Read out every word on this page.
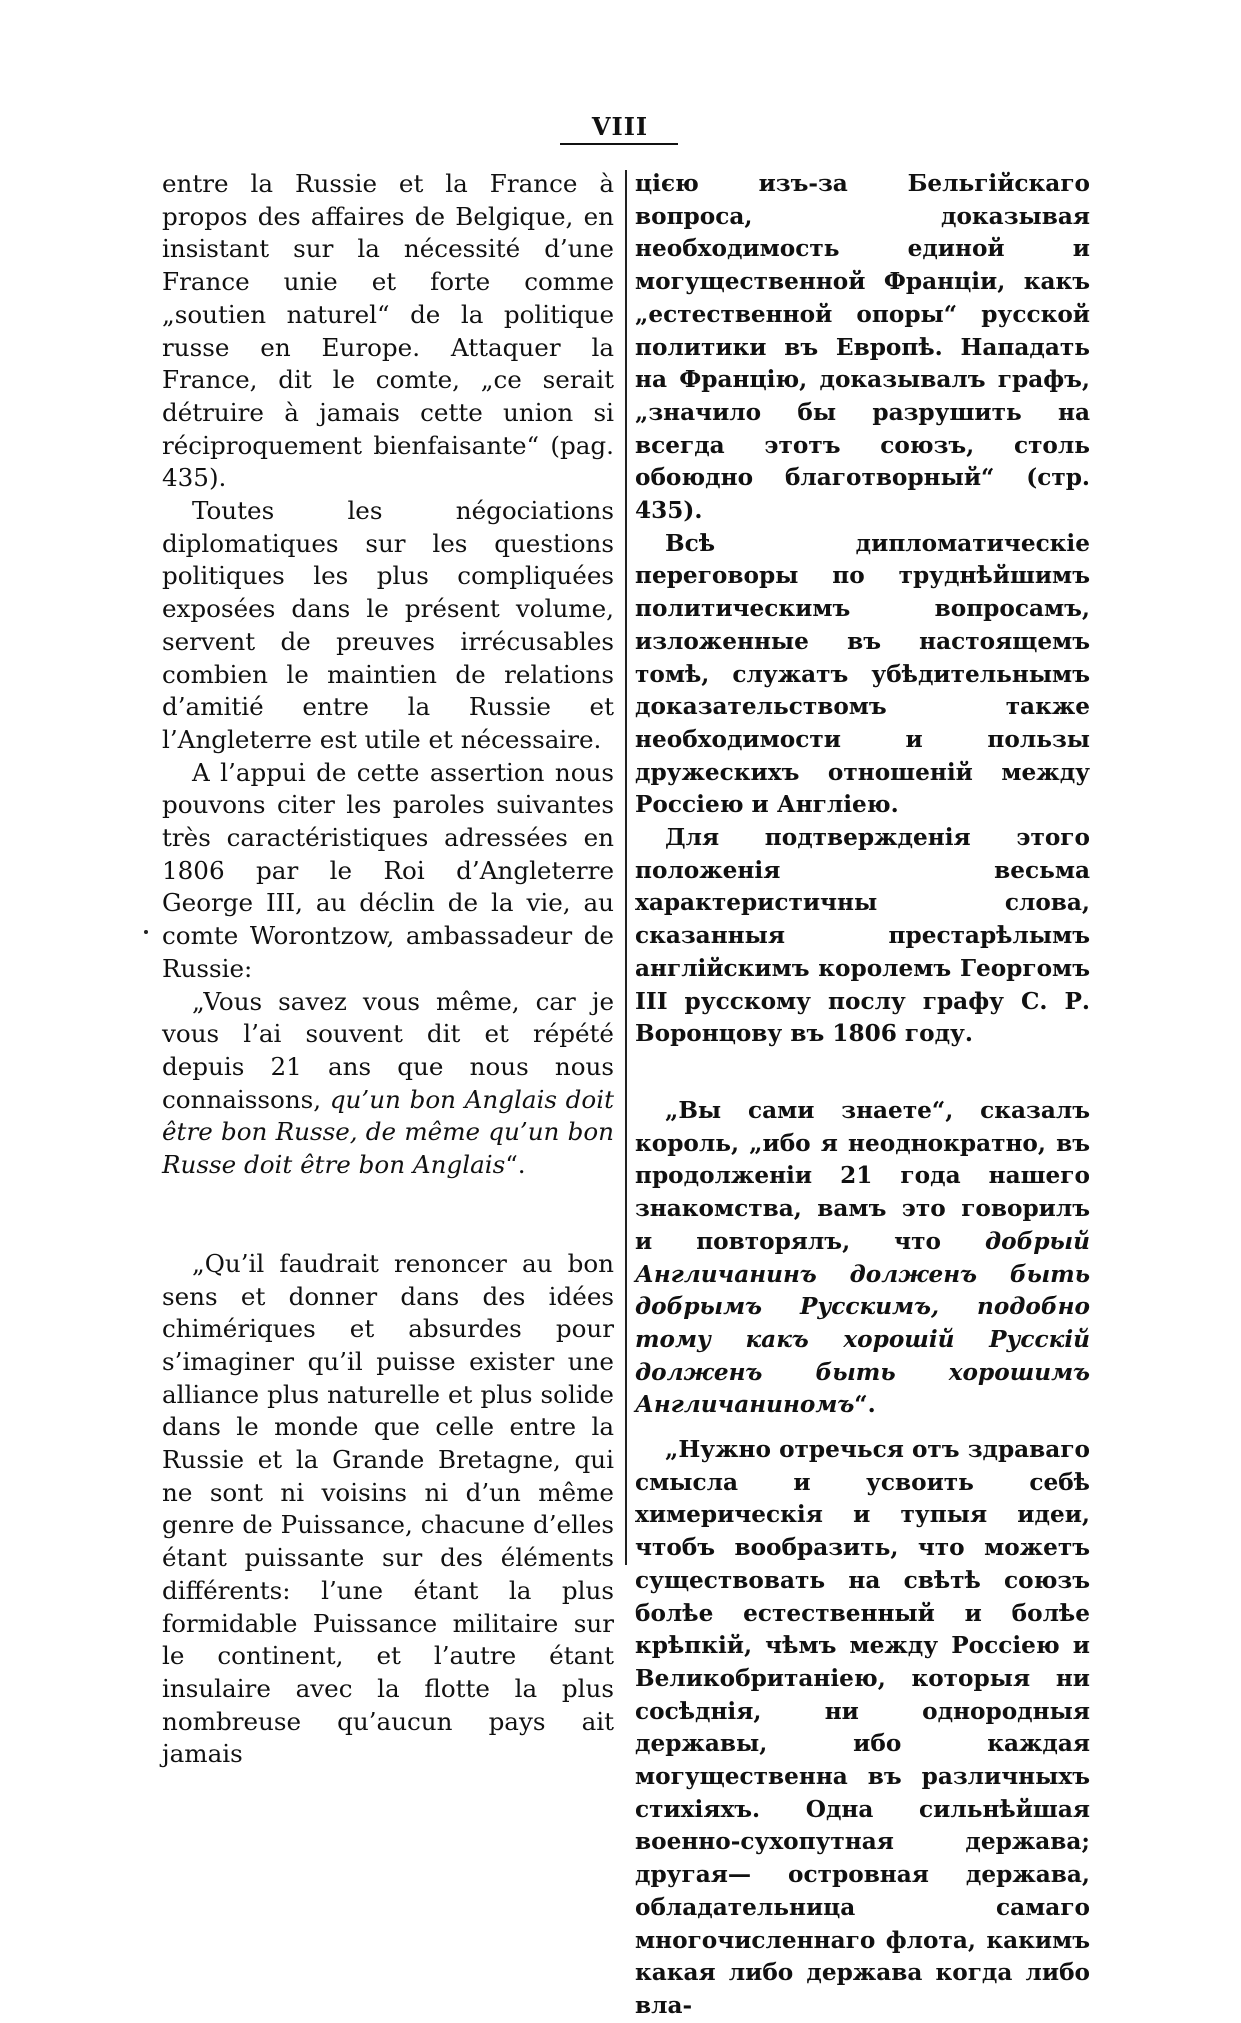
VIII

entre la Russie et la France à propos des affaires de Belgique, en insistant sur la nécessité d’une France unie et forte comme „soutien naturel“ de la politique russe en Europe. Attaquer la France, dit le comte, „ce serait détruire à jamais cette union si réciproquement bienfaisante“ (pag. 435).

Toutes les négociations diplomatiques sur les questions politiques les plus compliquées exposées dans le présent volume, servent de preuves irrécusables combien le maintien de relations d’amitié entre la Russie et l’Angleterre est utile et nécessaire.

A l’appui de cette assertion nous pouvons citer les paroles suivantes très caractéristiques adressées en 1806 par le Roi d’Angleterre George III, au déclin de la vie, au comte Worontzow, ambassadeur de Russie:

„Vous savez vous même, car je vous l’ai souvent dit et répété depuis 21 ans que nous nous connaissons, qu’un bon Anglais doit être bon Russe, de même qu’un bon Russe doit être bon Anglais“.

„Qu’il faudrait renoncer au bon sens et donner dans des idées chimériques et absurdes pour s’imaginer qu’il puisse exister une alliance plus naturelle et plus solide dans le monde que celle entre la Russie et la Grande Bretagne, qui ne sont ni voisins ni d’un même genre de Puissance, chacune d’elles étant puissante sur des éléments différents: l’une étant la plus formidable Puissance militaire sur le continent, et l’autre étant insulaire avec la flotte la plus nombreuse qu’aucun pays ait jamais

цією изъ-за Бельгійскаго вопроса, доказывая необходимость единой и могущественной Франціи, какъ „естественной опоры“ русской политики въ Европѣ. Нападать на Францію, доказывалъ графъ, „значило бы разрушить на всегда этотъ союзъ, столь обоюдно благотворный“ (стр. 435).

Всѣ дипломатическіе переговоры по труднѣйшимъ политическимъ вопросамъ, изложенные въ настоящемъ томѣ, служатъ убѣдительнымъ доказательствомъ также необходимости и пользы дружескихъ отношеній между Россіею и Англіею.

Для подтвержденія этого положенія весьма характеристичны слова, сказанныя престарѣлымъ англійскимъ королемъ Георгомъ III русскому послу графу С. Р. Воронцову въ 1806 году.

„Вы сами знаете“, сказалъ король, „ибо я неоднократно, въ продолженіи 21 года нашего знакомства, вамъ это говорилъ и повторялъ, что добрый Англичанинъ долженъ быть добрымъ Русскимъ, подобно тому какъ хорошій Русскій долженъ быть хорошимъ Англичаниномъ“.

„Нужно отречься отъ здраваго смысла и усвоить себѣ химерическія и тупыя идеи, чтобъ вообразить, что можетъ существовать на свѣтѣ союзъ болѣе естественный и болѣе крѣпкій, чѣмъ между Россіею и Великобританіею, которыя ни сосѣднія, ни однородныя державы, ибо каждая могущественна въ различныхъ стихіяхъ. Одна сильнѣйшая военно-сухопутная держава; другая— островная держава, обладательница самаго многочисленнаго флота, какимъ какая либо держава когда либо вла-
